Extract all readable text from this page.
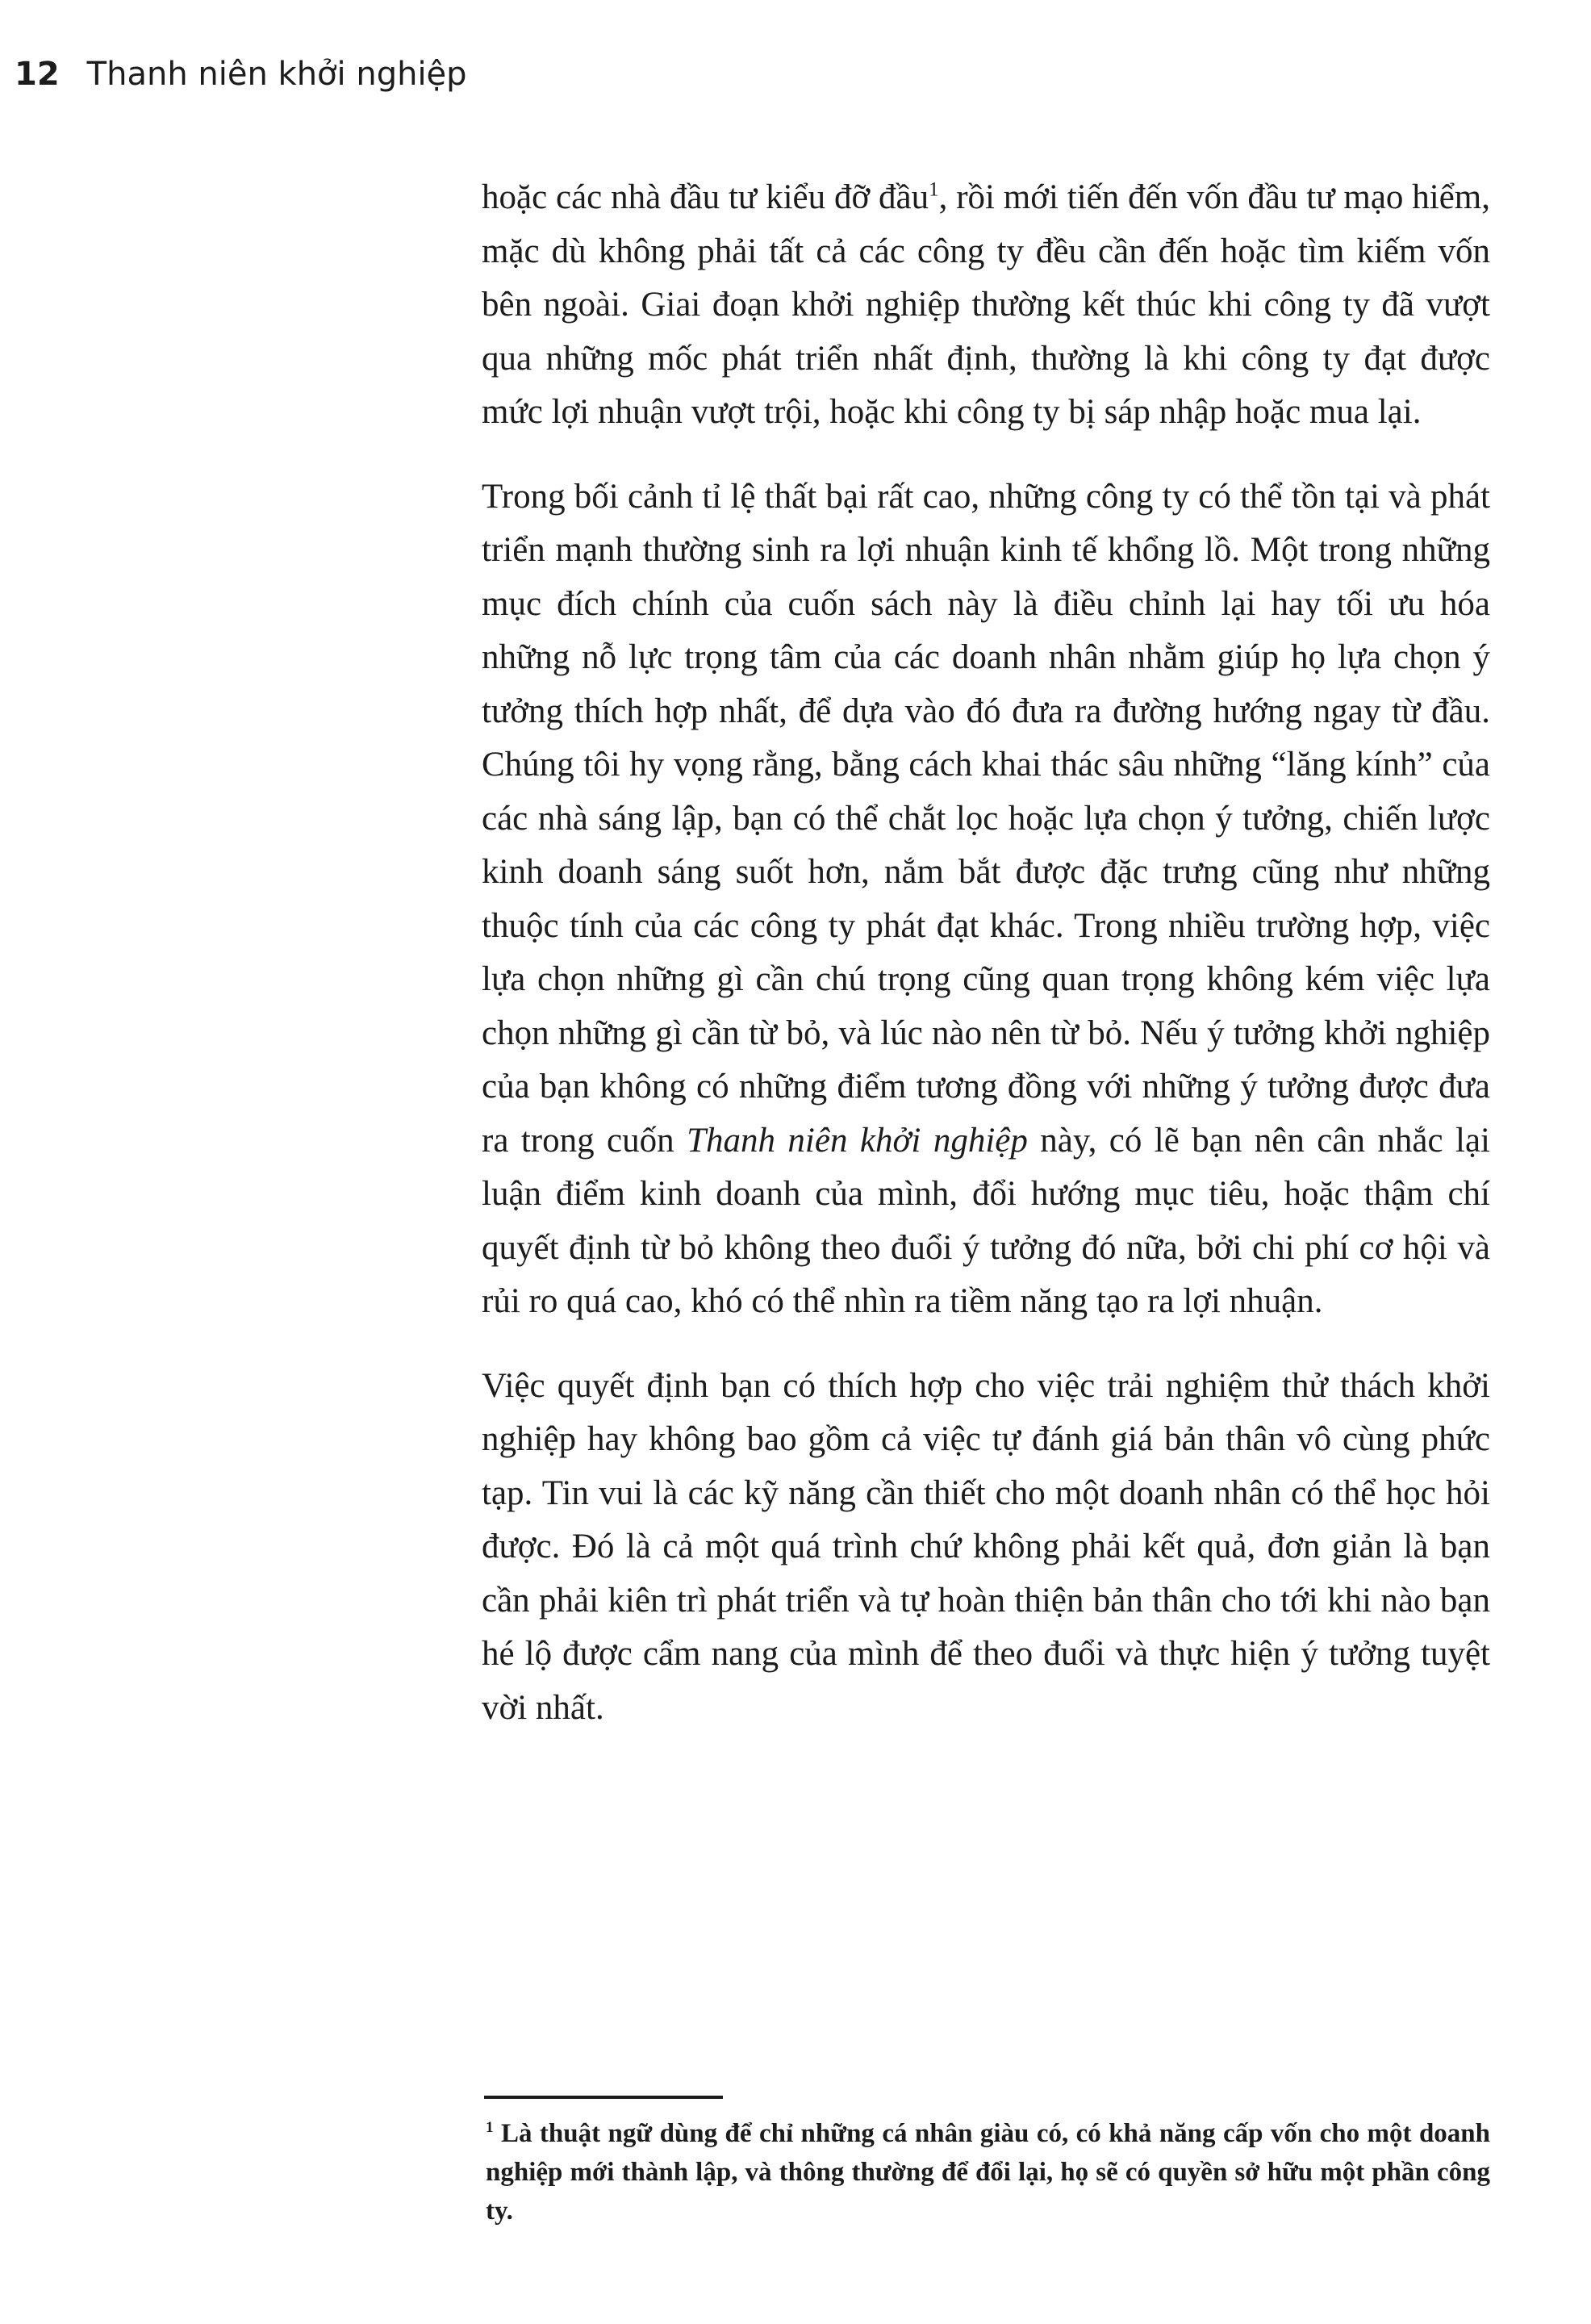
12 Thanh niên khởi nghiệp

hoặc các nhà đầu tư kiểu đỡ đầu$^1$, rồi mới tiến đến vốn đầu tư mạo hiểm, mặc dù không phải tất cả các công ty đều cần đến hoặc tìm kiếm vốn bên ngoài. Giai đoạn khởi nghiệp thường kết thúc khi công ty đã vượt qua những mốc phát triển nhất định, thường là khi công ty đạt được mức lợi nhuận vượt trội, hoặc khi công ty bị sáp nhập hoặc mua lại.

Trong bối cảnh tỉ lệ thất bại rất cao, những công ty có thể tồn tại và phát triển mạnh thường sinh ra lợi nhuận kinh tế khổng lồ. Một trong những mục đích chính của cuốn sách này là điều chỉnh lại hay tối ưu hóa những nỗ lực trọng tâm của các doanh nhân nhằm giúp họ lựa chọn ý tưởng thích hợp nhất, để dựa vào đó đưa ra đường hướng ngay từ đầu. Chúng tôi hy vọng rằng, bằng cách khai thác sâu những “lăng kính” của các nhà sáng lập, bạn có thể chắt lọc hoặc lựa chọn ý tưởng, chiến lược kinh doanh sáng suốt hơn, nắm bắt được đặc trưng cũng như những thuộc tính của các công ty phát đạt khác. Trong nhiều trường hợp, việc lựa chọn những gì cần chú trọng cũng quan trọng không kém việc lựa chọn những gì cần từ bỏ, và lúc nào nên từ bỏ. Nếu ý tưởng khởi nghiệp của bạn không có những điểm tương đồng với những ý tưởng được đưa ra trong cuốn Thanh niên khởi nghiệp này, có lẽ bạn nên cân nhắc lại luận điểm kinh doanh của mình, đổi hướng mục tiêu, hoặc thậm chí quyết định từ bỏ không theo đuổi ý tưởng đó nữa, bởi chi phí cơ hội và rủi ro quá cao, khó có thể nhìn ra tiềm năng tạo ra lợi nhuận.

Việc quyết định bạn có thích hợp cho việc trải nghiệm thử thách khởi nghiệp hay không bao gồm cả việc tự đánh giá bản thân vô cùng phức tạp. Tin vui là các kỹ năng cần thiết cho một doanh nhân có thể học hỏi được. Đó là cả một quá trình chứ không phải kết quả, đơn giản là bạn cần phải kiên trì phát triển và tự hoàn thiện bản thân cho tới khi nào bạn hé lộ được cẩm nang của mình để theo đuổi và thực hiện ý tưởng tuyệt vời nhất.

$^1$ Là thuật ngữ dùng để chỉ những cá nhân giàu có, có khả năng cấp vốn cho một doanh nghiệp mới thành lập, và thông thường để đổi lại, họ sẽ có quyền sở hữu một phần công ty.
